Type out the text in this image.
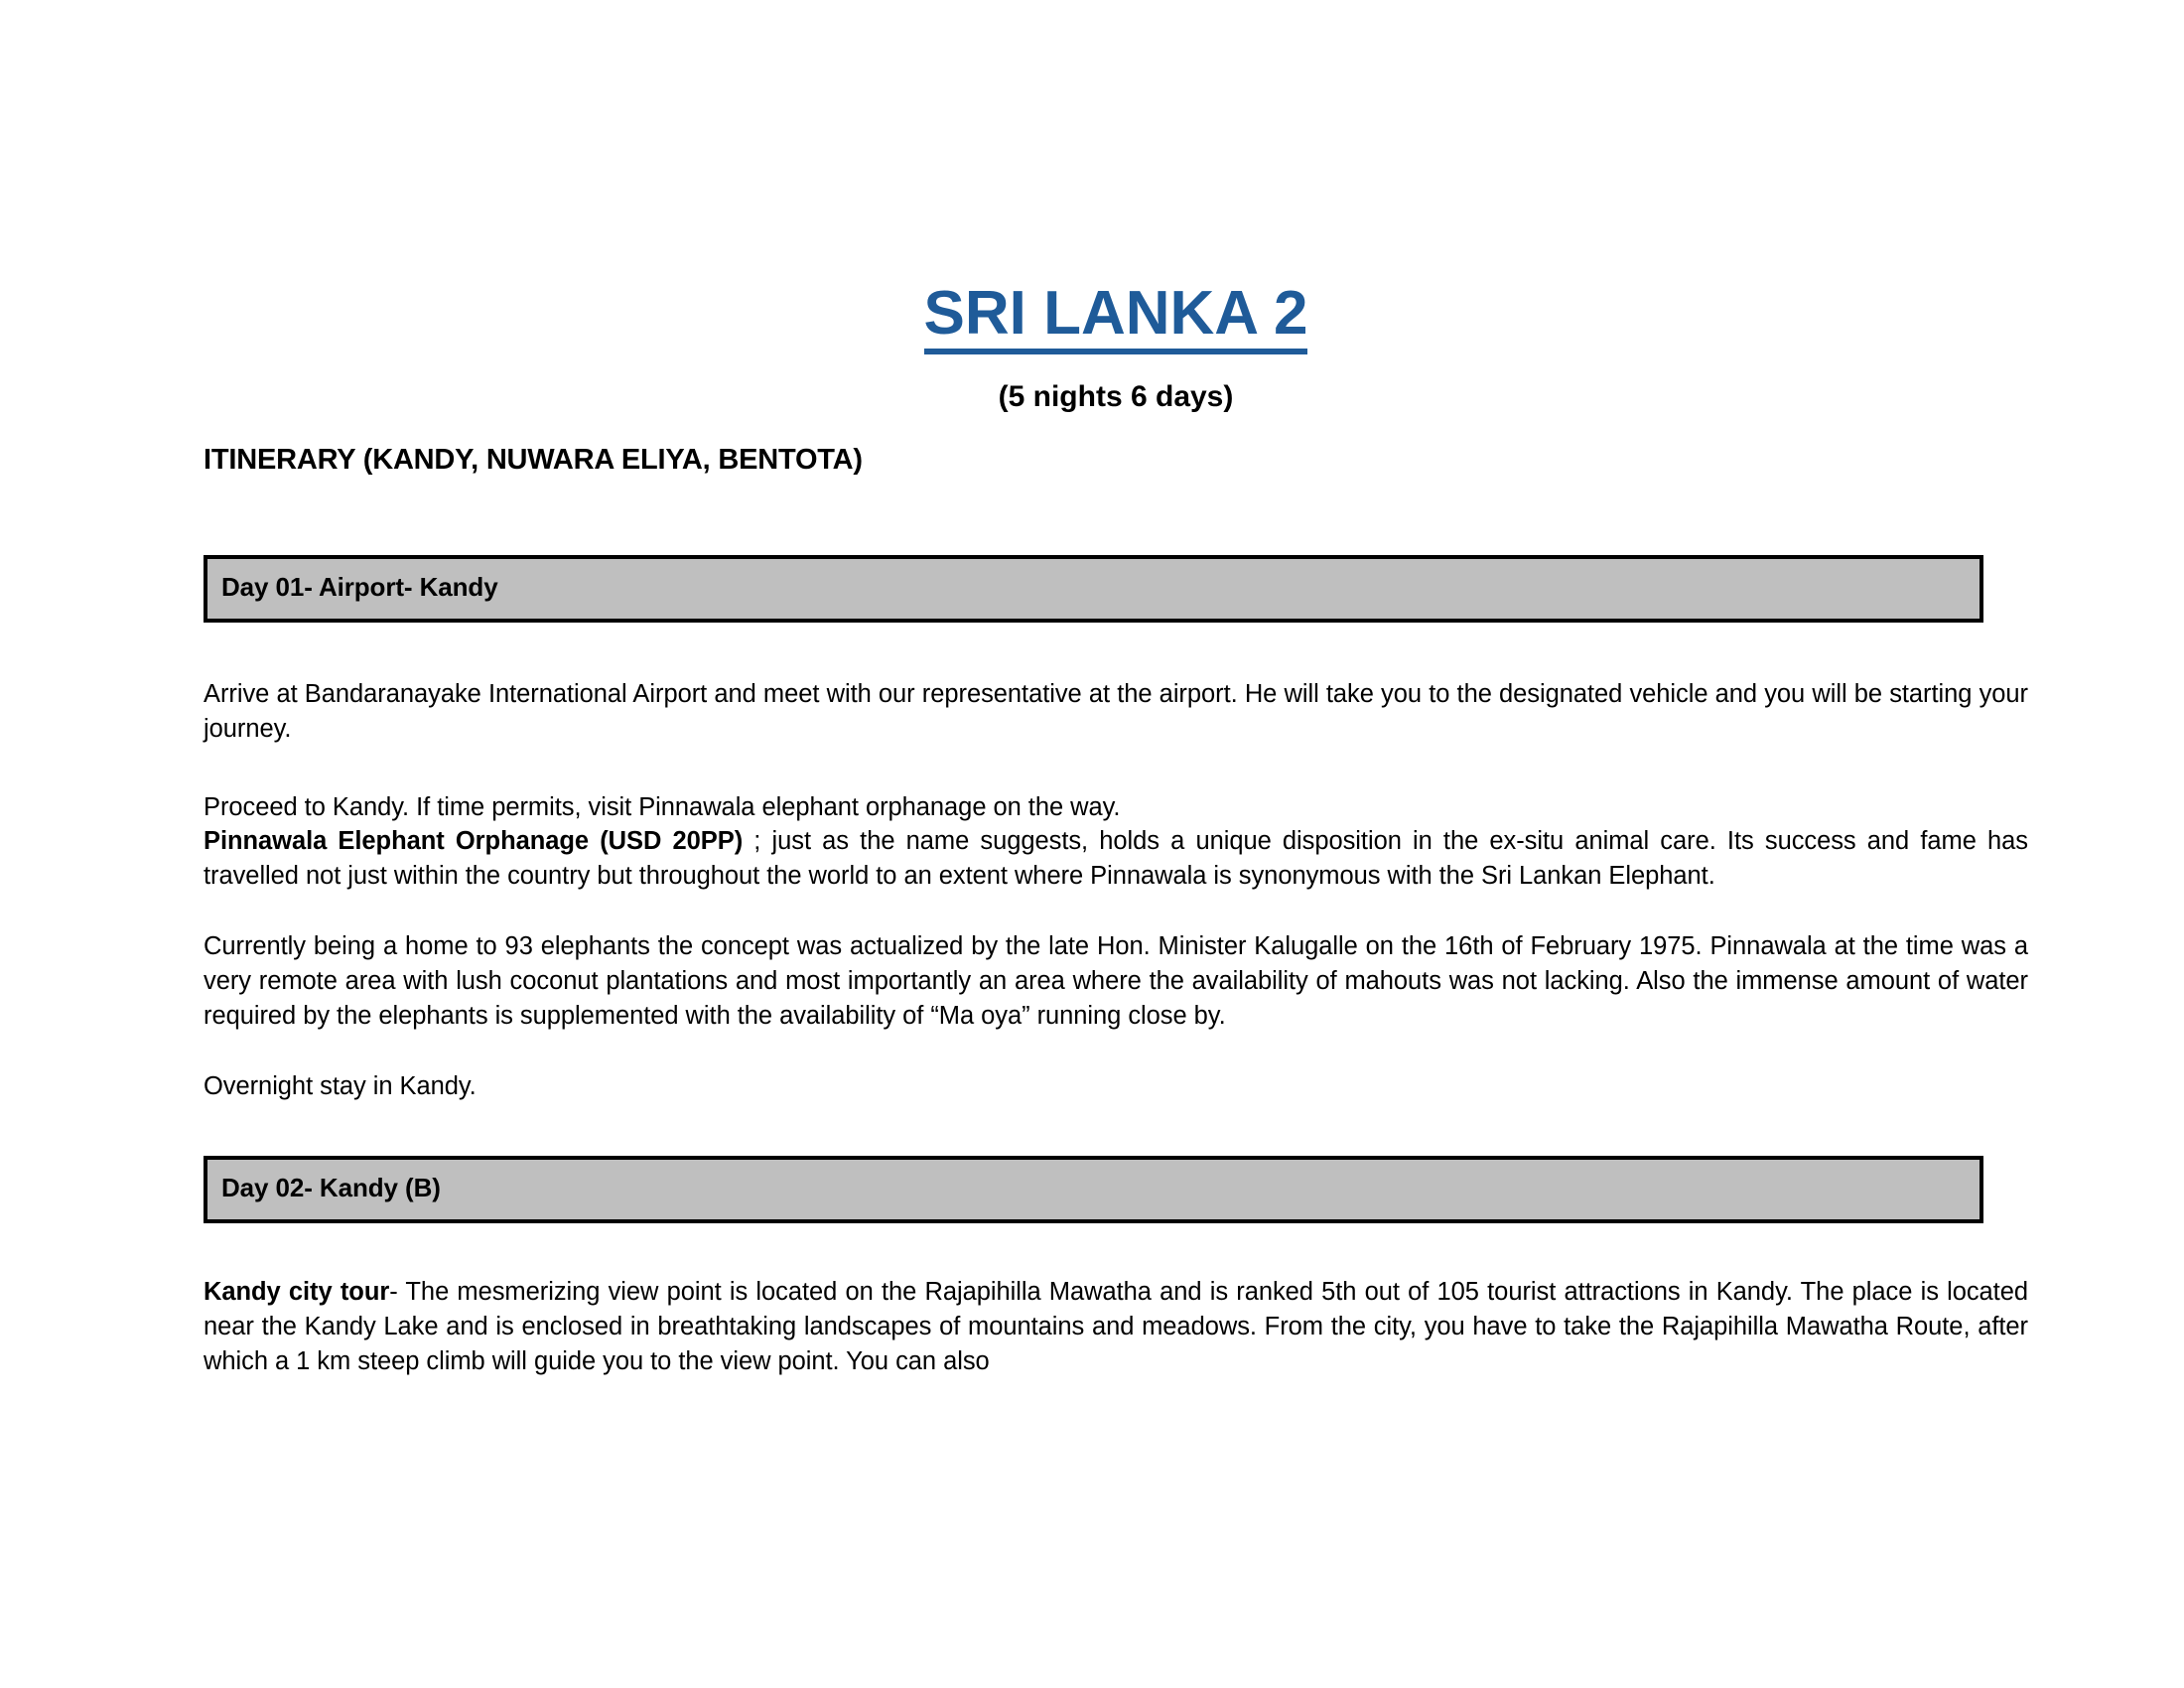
SRI LANKA 2
(5 nights 6 days)
ITINERARY (KANDY, NUWARA ELIYA, BENTOTA)
Day 01- Airport- Kandy

Arrive at Bandaranayake International Airport and meet with our representative at the airport. He will take you to the designated vehicle and you will be starting your journey.

Proceed to Kandy. If time permits, visit Pinnawala elephant orphanage on the way.

Pinnawala Elephant Orphanage (USD 20PP) ; just as the name suggests, holds a unique disposition in the ex-situ animal care. Its success and fame has travelled not just within the country but throughout the world to an extent where Pinnawala is synonymous with the Sri Lankan Elephant.

Currently being a home to 93 elephants the concept was actualized by the late Hon. Minister Kalugalle on the 16th of February 1975. Pinnawala at the time was a very remote area with lush coconut plantations and most importantly an area where the availability of mahouts was not lacking. Also the immense amount of water required by the elephants is supplemented with the availability of “Ma oya” running close by.

Overnight stay in Kandy.

Day 02- Kandy (B)

Kandy city tour- The mesmerizing view point is located on the Rajapihilla Mawatha and is ranked 5th out of 105 tourist attractions in Kandy. The place is located near the Kandy Lake and is enclosed in breathtaking landscapes of mountains and meadows. From the city, you have to take the Rajapihilla Mawatha Route, after which a 1 km steep climb will guide you to the view point. You can also
